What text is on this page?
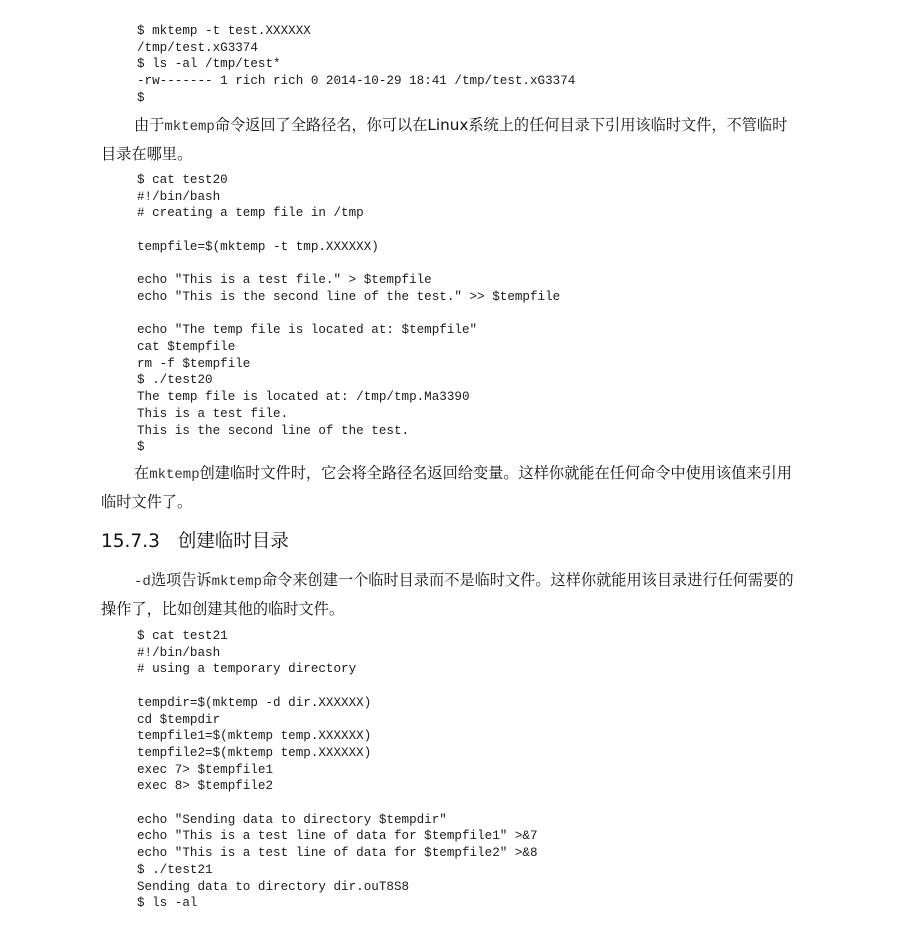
$ mktemp -t test.XXXXXX
/tmp/test.xG3374
$ ls -al /tmp/test*
-rw------- 1 rich rich 0 2014-10-29 18:41 /tmp/test.xG3374
$

由于mktemp命令返回了全路径名，你可以在Linux系统上的任何目录下引用该临时文件，不管临时目录在哪里。

$ cat test20
#!/bin/bash
# creating a temp file in /tmp

tempfile=$(mktemp -t tmp.XXXXXX)

echo "This is a test file." > $tempfile
echo "This is the second line of the test." >> $tempfile

echo "The temp file is located at: $tempfile"
cat $tempfile
rm -f $tempfile
$ ./test20
The temp file is located at: /tmp/tmp.Ma3390
This is a test file.
This is the second line of the test.
$

在mktemp创建临时文件时，它会将全路径名返回给变量。这样你就能在任何命令中使用该值来引用临时文件了。

15.7.3 创建临时目录

-d选项告诉mktemp命令来创建一个临时目录而不是临时文件。这样你就能用该目录进行任何需要的操作了，比如创建其他的临时文件。

$ cat test21
#!/bin/bash
# using a temporary directory

tempdir=$(mktemp -d dir.XXXXXX)
cd $tempdir
tempfile1=$(mktemp temp.XXXXXX)
tempfile2=$(mktemp temp.XXXXXX)
exec 7> $tempfile1
exec 8> $tempfile2

echo "Sending data to directory $tempdir"
echo "This is a test line of data for $tempfile1" >&7
echo "This is a test line of data for $tempfile2" >&8
$ ./test21
Sending data to directory dir.ouT8S8
$ ls -al
